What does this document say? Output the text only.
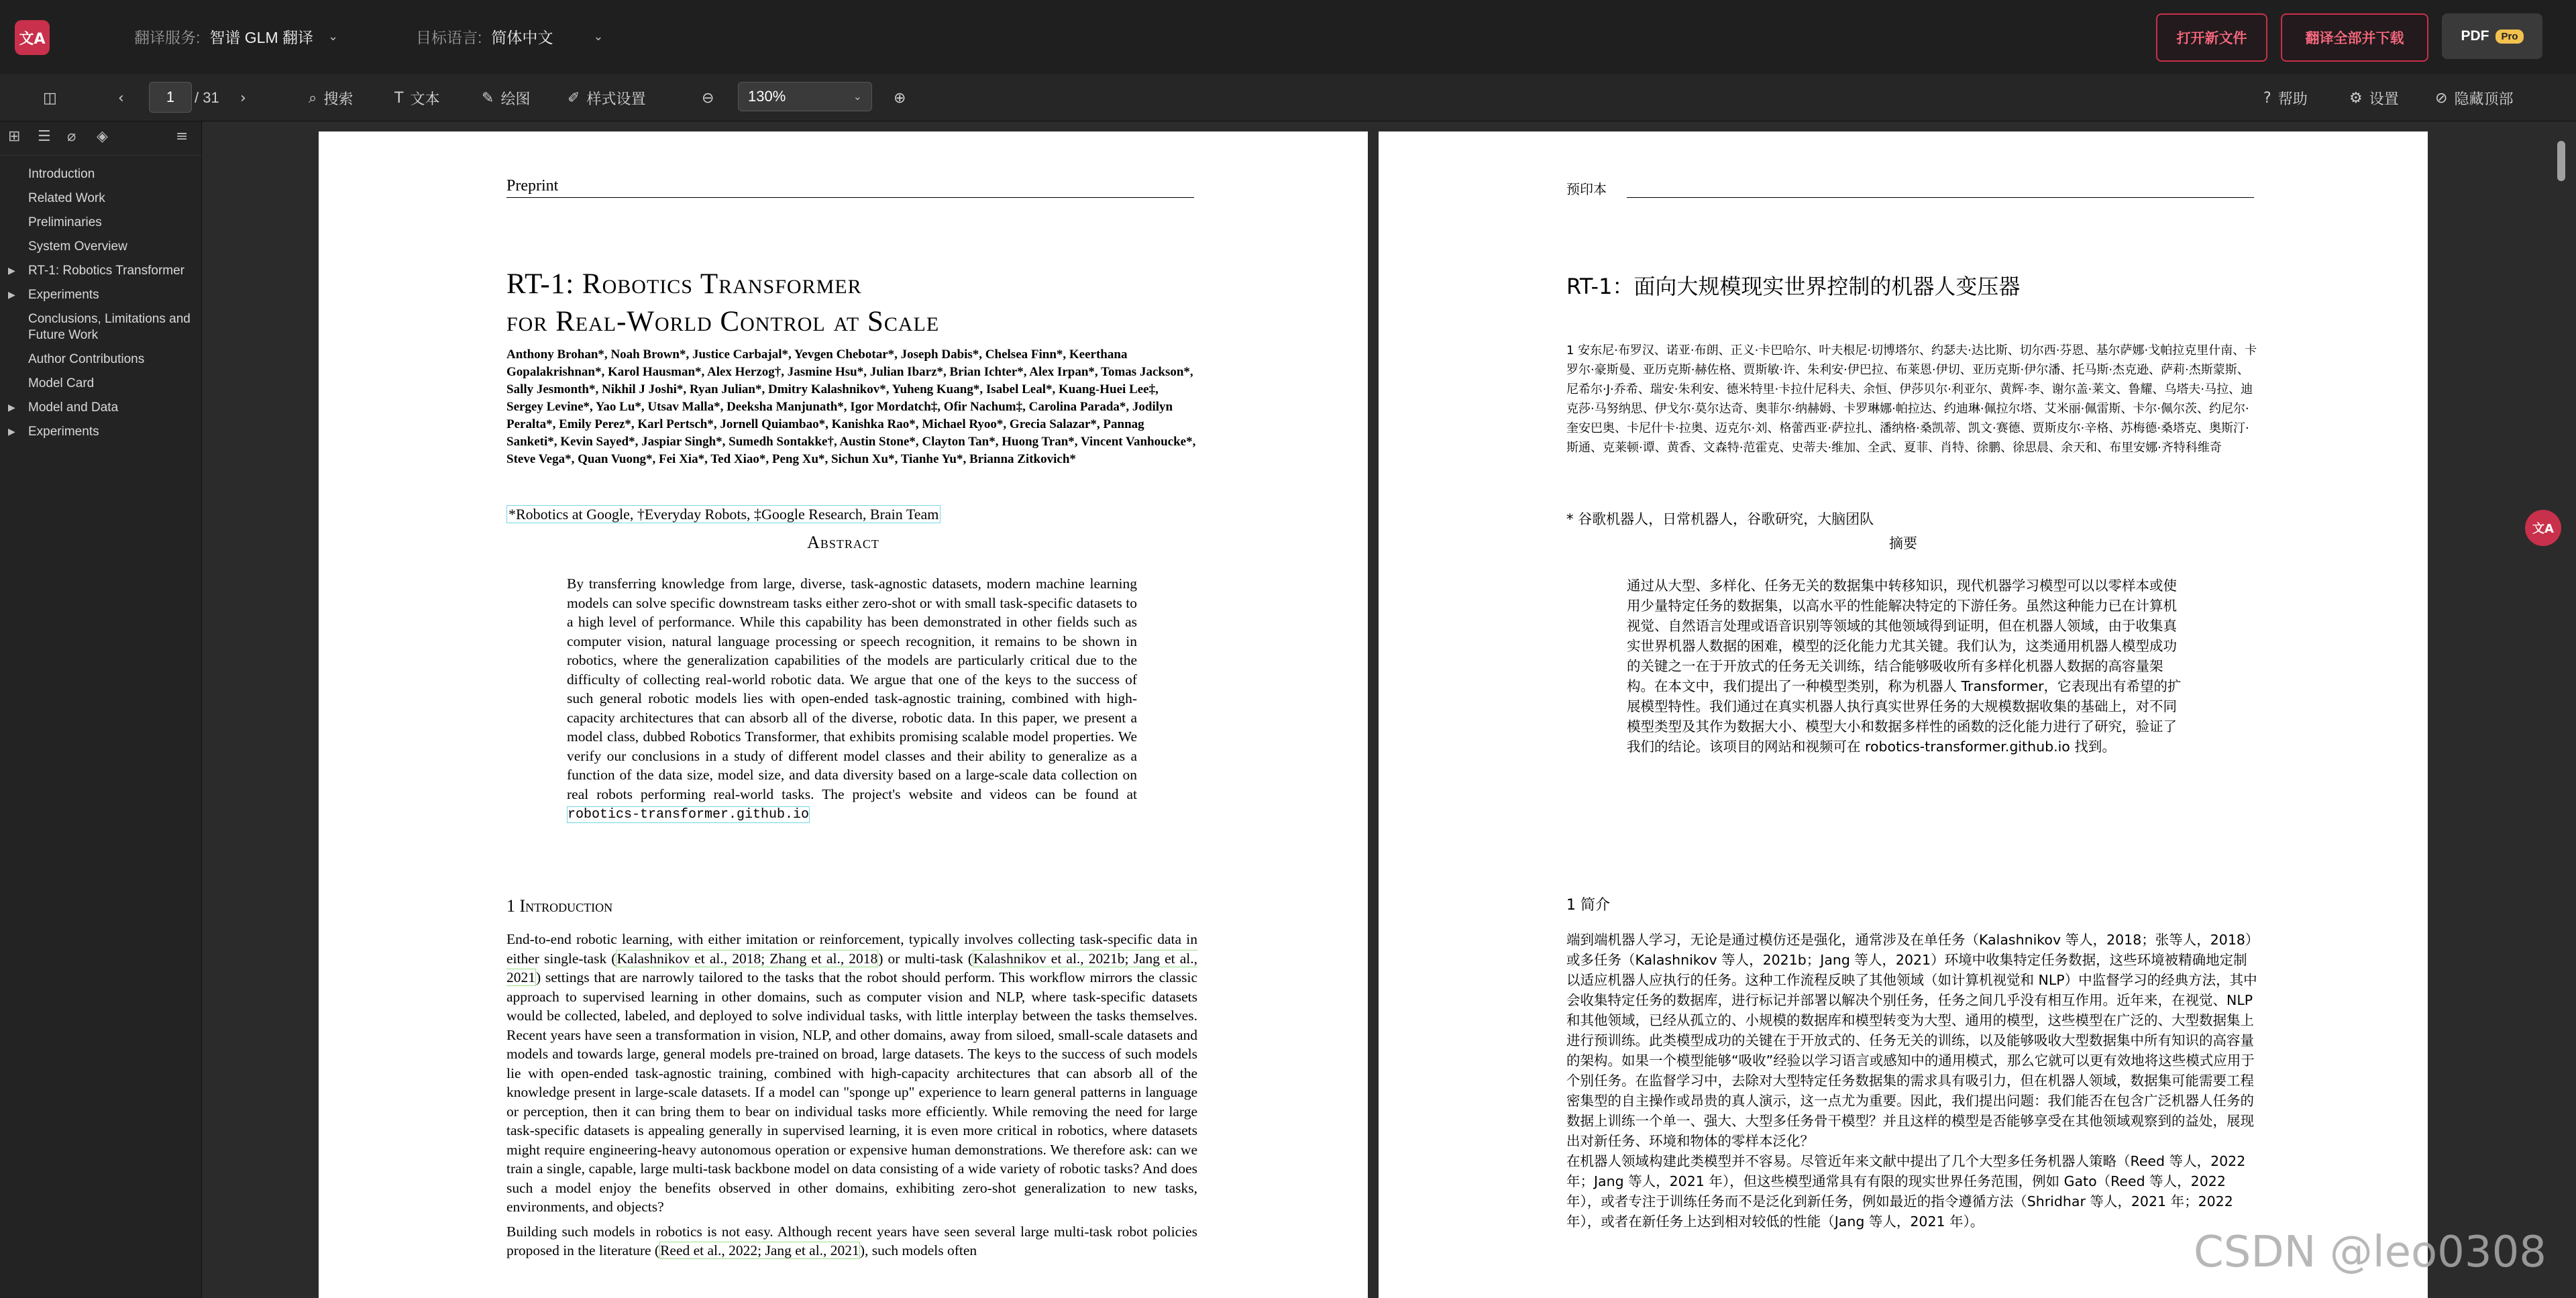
文A	翻译服务: 智谱 GLM 翻译 ⌄	目标语言: 简体中文	⌄	打开新文件	翻译全部并下载	PDF	Pro
◫	‹	/ 31 ›	⌕ 搜索	T 文本	✎ 绘图	✐ 样式设置	⊖	⊕	? 帮助	⚙ 设置 ⊘ 隐藏顶部
1	130%	⌄
⊞ ☰ ⌀ ◈	≡
Introduction
Related Work
Preliminaries
System Overview
▶ RT-1: Robotics Transformer
▶ Experiments
Conclusions, Limitations and Future Work
Author Contributions
Model Card
▶ Model and Data
▶ Experiments
Preprint
RT-1: Robotics Transformer
for Real-World Control at Scale
Anthony Brohan*, Noah Brown*, Justice Carbajal*, Yevgen Chebotar*, Joseph Dabis*, Chelsea Finn*, Keerthana Gopalakrishnan*, Karol Hausman*, Alex Herzog†, Jasmine Hsu*, Julian Ibarz*, Brian Ichter*, Alex Irpan*, Tomas Jackson*, Sally Jesmonth*, Nikhil J Joshi*, Ryan Julian*, Dmitry Kalashnikov*, Yuheng Kuang*, Isabel Leal*, Kuang-Huei Lee‡, Sergey Levine*, Yao Lu*, Utsav Malla*, Deeksha Manjunath*, Igor Mordatch‡, Ofir Nachum‡, Carolina Parada*, Jodilyn Peralta*, Emily Perez*, Karl Pertsch*, Jornell Quiambao*, Kanishka Rao*, Michael Ryoo*, Grecia Salazar*, Pannag Sanketi*, Kevin Sayed*, Jaspiar Singh*, Sumedh Sontakke†, Austin Stone*, Clayton Tan*, Huong Tran*, Vincent Vanhoucke*, Steve Vega*, Quan Vuong*, Fei Xia*, Ted Xiao*, Peng Xu*, Sichun Xu*, Tianhe Yu*, Brianna Zitkovich*
*Robotics at Google, †Everyday Robots, ‡Google Research, Brain Team
Abstract
By transferring knowledge from large, diverse, task-agnostic datasets, modern machine learning models can solve specific downstream tasks either zero-shot or with small task-specific datasets to a high level of performance. While this capability has been demonstrated in other fields such as computer vision, natural language processing or speech recognition, it remains to be shown in robotics, where the generalization capabilities of the models are particularly critical due to the difficulty of collecting real-world robotic data. We argue that one of the keys to the success of such general robotic models lies with open-ended task-agnostic training, combined with high-capacity architectures that can absorb all of the diverse, robotic data. In this paper, we present a model class, dubbed Robotics Transformer, that exhibits promising scalable model properties. We verify our conclusions in a study of different model classes and their ability to generalize as a function of the data size, model size, and data diversity based on a large-scale data collection on real robots performing real-world tasks. The project's website and videos can be found at robotics-transformer.github.io
1 Introduction

End-to-end robotic learning, with either imitation or reinforcement, typically involves collecting task-specific data in either single-task (Kalashnikov et al., 2018; Zhang et al., 2018) or multi-task (Kalashnikov et al., 2021b; Jang et al., 2021) settings that are narrowly tailored to the tasks that the robot should perform. This workflow mirrors the classic approach to supervised learning in other domains, such as computer vision and NLP, where task-specific datasets would be collected, labeled, and deployed to solve individual tasks, with little interplay between the tasks themselves. Recent years have seen a transformation in vision, NLP, and other domains, away from siloed, small-scale datasets and models and towards large, general models pre-trained on broad, large datasets. The keys to the success of such models lie with open-ended task-agnostic training, combined with high-capacity architectures that can absorb all of the knowledge present in large-scale datasets. If a model can "sponge up" experience to learn general patterns in language or perception, then it can bring them to bear on individual tasks more efficiently. While removing the need for large task-specific datasets is appealing generally in supervised learning, it is even more critical in robotics, where datasets might require engineering-heavy autonomous operation or expensive human demonstrations. We therefore ask: can we train a single, capable, large multi-task backbone model on data consisting of a wide variety of robotic tasks? And does such a model enjoy the benefits observed in other domains, exhibiting zero-shot generalization to new tasks, environments, and objects?

Building such models in robotics is not easy. Although recent years have seen several large multi-task robot policies proposed in the literature (Reed et al., 2022; Jang et al., 2021), such models often

预印本
RT-1：面向大规模现实世界控制的机器人变压器
1 安东尼·布罗汉、诺亚·布朗、正义·卡巴哈尔、叶夫根尼·切博塔尔、约瑟夫·达比斯、切尔西·芬恩、基尔萨娜·戈帕拉克里什南、卡罗尔·豪斯曼、亚历克斯·赫佐格、贾斯敏·许、朱利安·伊巴拉、布莱恩·伊切、亚历克斯·伊尔潘、托马斯·杰克逊、萨莉·杰斯蒙斯、尼希尔·J·乔希、瑞安·朱利安、德米特里·卡拉什尼科夫、余恒、伊莎贝尔·利亚尔、黄辉·李、谢尔盖·莱文、鲁耀、乌塔夫·马拉、迪克莎·马努纳思、伊戈尔·莫尔达奇、奥菲尔·纳赫姆、卡罗琳娜·帕拉达、约迪琳·佩拉尔塔、艾米丽·佩雷斯、卡尔·佩尔茨、约尼尔·奎安巴奥、卡尼什卡·拉奥、迈克尔·刘、格蕾西亚·萨拉扎、潘纳格·桑凯蒂、凯文·赛德、贾斯皮尔·辛格、苏梅德·桑塔克、奥斯汀·斯通、克莱顿·谭、黄香、文森特·范霍克、史蒂夫·维加、全武、夏菲、肖特、徐鹏、徐思晨、余天和、布里安娜·齐特科维奇
* 谷歌机器人，日常机器人，谷歌研究，大脑团队
摘要
通过从大型、多样化、任务无关的数据集中转移知识，现代机器学习模型可以以零样本或使用少量特定任务的数据集，以高水平的性能解决特定的下游任务。虽然这种能力已在计算机视觉、自然语言处理或语音识别等领域的其他领域得到证明，但在机器人领域，由于收集真实世界机器人数据的困难，模型的泛化能力尤其关键。我们认为，这类通用机器人模型成功的关键之一在于开放式的任务无关训练，结合能够吸收所有多样化机器人数据的高容量架构。在本文中，我们提出了一种模型类别，称为机器人 Transformer，它表现出有希望的扩展模型特性。我们通过在真实机器人执行真实世界任务的大规模数据收集的基础上，对不同模型类型及其作为数据大小、模型大小和数据多样性的函数的泛化能力进行了研究，验证了我们的结论。该项目的网站和视频可在 robotics-transformer.github.io 找到。
1 简介

端到端机器人学习，无论是通过模仿还是强化，通常涉及在单任务（Kalashnikov 等人，2018；张等人，2018）或多任务（Kalashnikov 等人，2021b；Jang 等人，2021）环境中收集特定任务数据，这些环境被精确地定制以适应机器人应执行的任务。这种工作流程反映了其他领域（如计算机视觉和 NLP）中监督学习的经典方法，其中会收集特定任务的数据库，进行标记并部署以解决个别任务，任务之间几乎没有相互作用。近年来，在视觉、NLP 和其他领域，已经从孤立的、小规模的数据库和模型转变为大型、通用的模型，这些模型在广泛的、大型数据集上进行预训练。此类模型成功的关键在于开放式的、任务无关的训练，以及能够吸收大型数据集中所有知识的高容量的架构。如果一个模型能够“吸收”经验以学习语言或感知中的通用模式，那么它就可以更有效地将这些模式应用于个别任务。在监督学习中，去除对大型特定任务数据集的需求具有吸引力，但在机器人领域，数据集可能需要工程密集型的自主操作或昂贵的真人演示，这一点尤为重要。因此，我们提出问题：我们能否在包含广泛机器人任务的数据上训练一个单一、强大、大型多任务骨干模型？并且这样的模型是否能够享受在其他领域观察到的益处，展现出对新任务、环境和物体的零样本泛化？

在机器人领域构建此类模型并不容易。尽管近年来文献中提出了几个大型多任务机器人策略（Reed 等人，2022 年；Jang 等人，2021 年），但这些模型通常具有有限的现实世界任务范围，例如 Gato（Reed 等人，2022 年），或者专注于训练任务而不是泛化到新任务，例如最近的指令遵循方法（Shridhar 等人，2021 年；2022 年），或者在新任务上达到相对较低的性能（Jang 等人，2021 年）。

文A
CSDN @leo0308
